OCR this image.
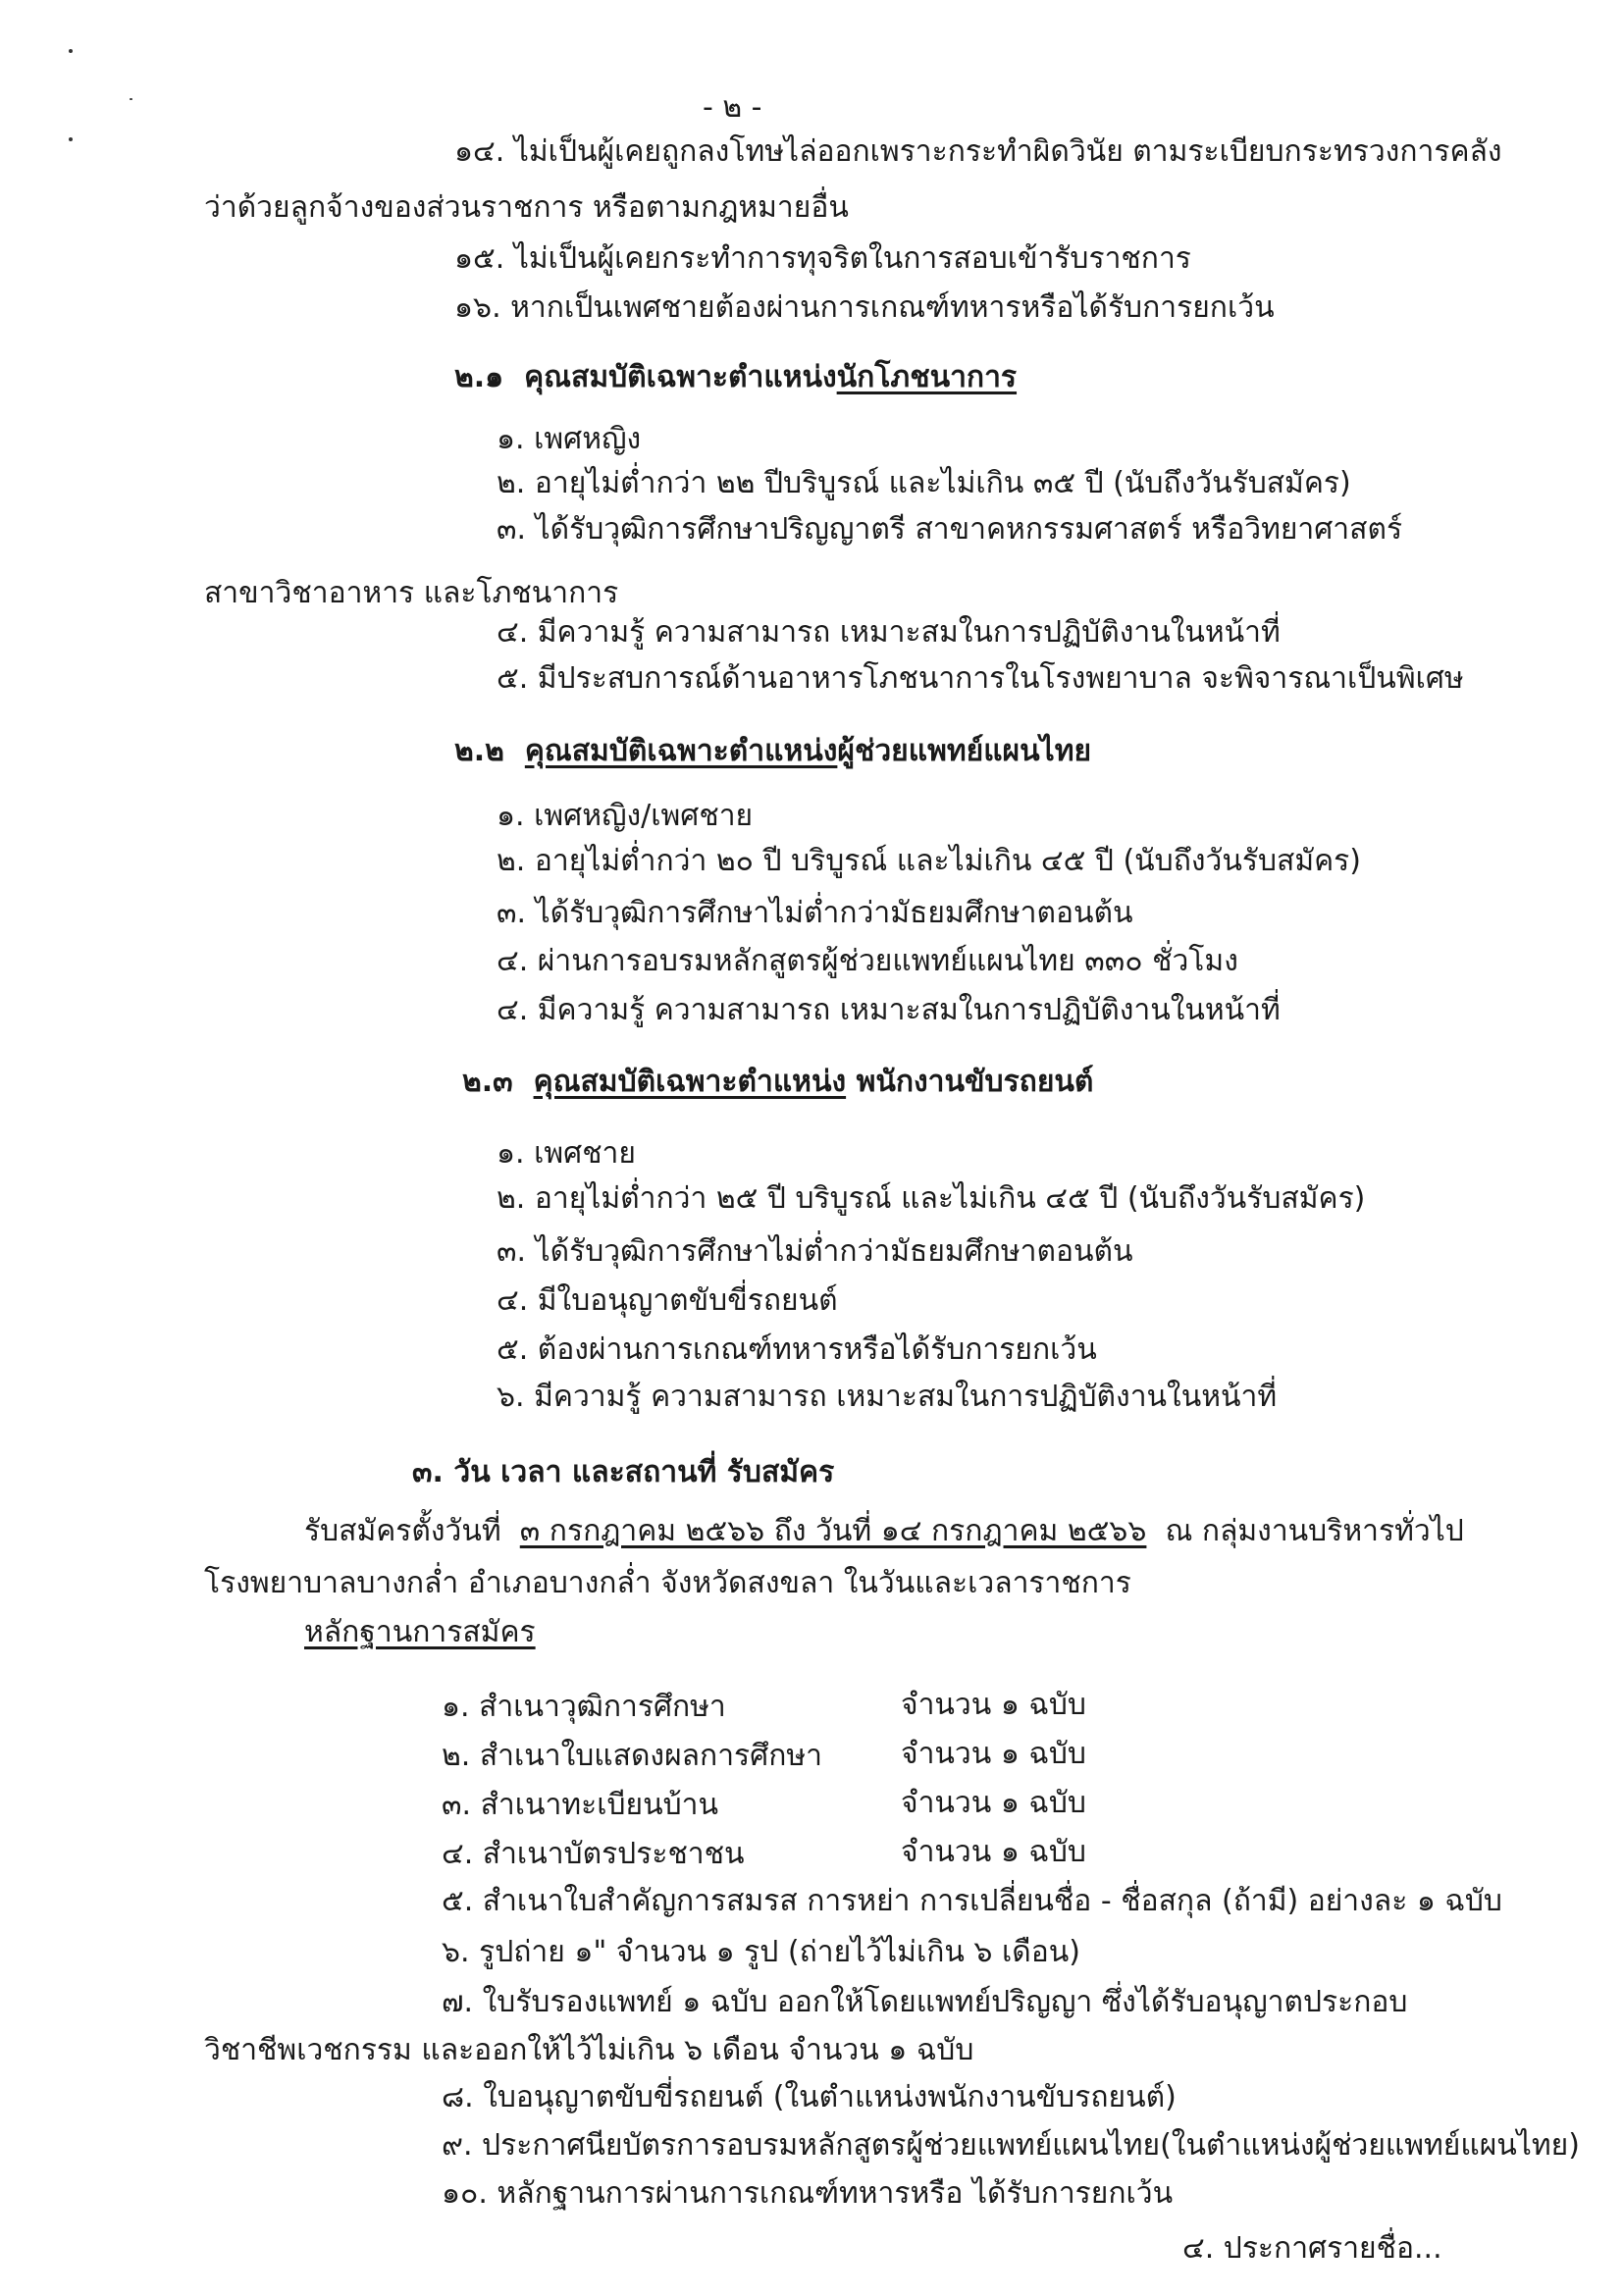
- ๒ -
๑๔. ไม่เป็นผู้เคยถูกลงโทษไล่ออกเพราะกระทำผิดวินัย ตามระเบียบกระทรวงการคลัง
ว่าด้วยลูกจ้างของส่วนราชการ หรือตามกฎหมายอื่น
๑๕. ไม่เป็นผู้เคยกระทำการทุจริตในการสอบเข้ารับราชการ
๑๖. หากเป็นเพศชายต้องผ่านการเกณฑ์ทหารหรือได้รับการยกเว้น
๒.๑ คุณสมบัติเฉพาะตำแหน่งนักโภชนาการ
๑. เพศหญิง
๒. อายุไม่ต่ำกว่า ๒๒ ปีบริบูรณ์ และไม่เกิน ๓๕ ปี (นับถึงวันรับสมัคร)
๓. ได้รับวุฒิการศึกษาปริญญาตรี สาขาคหกรรมศาสตร์ หรือวิทยาศาสตร์
สาขาวิชาอาหาร และโภชนาการ
๔. มีความรู้ ความสามารถ เหมาะสมในการปฏิบัติงานในหน้าที่
๕. มีประสบการณ์ด้านอาหารโภชนาการในโรงพยาบาล จะพิจารณาเป็นพิเศษ
๒.๒ คุณสมบัติเฉพาะตำแหน่งผู้ช่วยแพทย์แผนไทย
๑. เพศหญิง/เพศชาย
๒. อายุไม่ต่ำกว่า ๒๐ ปี บริบูรณ์ และไม่เกิน ๔๕ ปี (นับถึงวันรับสมัคร)
๓. ได้รับวุฒิการศึกษาไม่ต่ำกว่ามัธยมศึกษาตอนต้น
๔. ผ่านการอบรมหลักสูตรผู้ช่วยแพทย์แผนไทย ๓๓๐ ชั่วโมง
๔. มีความรู้ ความสามารถ เหมาะสมในการปฏิบัติงานในหน้าที่
๒.๓ คุณสมบัติเฉพาะตำแหน่ง พนักงานขับรถยนต์
๑. เพศชาย
๒. อายุไม่ต่ำกว่า ๒๕ ปี บริบูรณ์ และไม่เกิน ๔๕ ปี (นับถึงวันรับสมัคร)
๓. ได้รับวุฒิการศึกษาไม่ต่ำกว่ามัธยมศึกษาตอนต้น
๔. มีใบอนุญาตขับขี่รถยนต์
๕. ต้องผ่านการเกณฑ์ทหารหรือได้รับการยกเว้น
๖. มีความรู้ ความสามารถ เหมาะสมในการปฏิบัติงานในหน้าที่
๓. วัน เวลา และสถานที่ รับสมัคร
รับสมัครตั้งวันที่ ๓ กรกฎาคม ๒๕๖๖ ถึง วันที่ ๑๔ กรกฎาคม ๒๕๖๖ ณ กลุ่มงานบริหารทั่วไป
โรงพยาบาลบางกล่ำ อำเภอบางกล่ำ จังหวัดสงขลา ในวันและเวลาราชการ
หลักฐานการสมัคร
๑. สำเนาวุฒิการศึกษา	จำนวน ๑ ฉบับ
๒. สำเนาใบแสดงผลการศึกษา	จำนวน ๑ ฉบับ
๓. สำเนาทะเบียนบ้าน	จำนวน ๑ ฉบับ
๔. สำเนาบัตรประชาชน	จำนวน ๑ ฉบับ
๕. สำเนาใบสำคัญการสมรส การหย่า การเปลี่ยนชื่อ - ชื่อสกุล (ถ้ามี) อย่างละ ๑ ฉบับ
๖. รูปถ่าย ๑" จำนวน ๑ รูป (ถ่ายไว้ไม่เกิน ๖ เดือน)
๗. ใบรับรองแพทย์ ๑ ฉบับ ออกให้โดยแพทย์ปริญญา ซึ่งได้รับอนุญาตประกอบ
วิชาชีพเวชกรรม และออกให้ไว้ไม่เกิน ๖ เดือน จำนวน ๑ ฉบับ
๘. ใบอนุญาตขับขี่รถยนต์ (ในตำแหน่งพนักงานขับรถยนต์)
๙. ประกาศนียบัตรการอบรมหลักสูตรผู้ช่วยแพทย์แผนไทย(ในตำแหน่งผู้ช่วยแพทย์แผนไทย)
๑๐. หลักฐานการผ่านการเกณฑ์ทหารหรือ ได้รับการยกเว้น
๔. ประกาศรายชื่อ...
